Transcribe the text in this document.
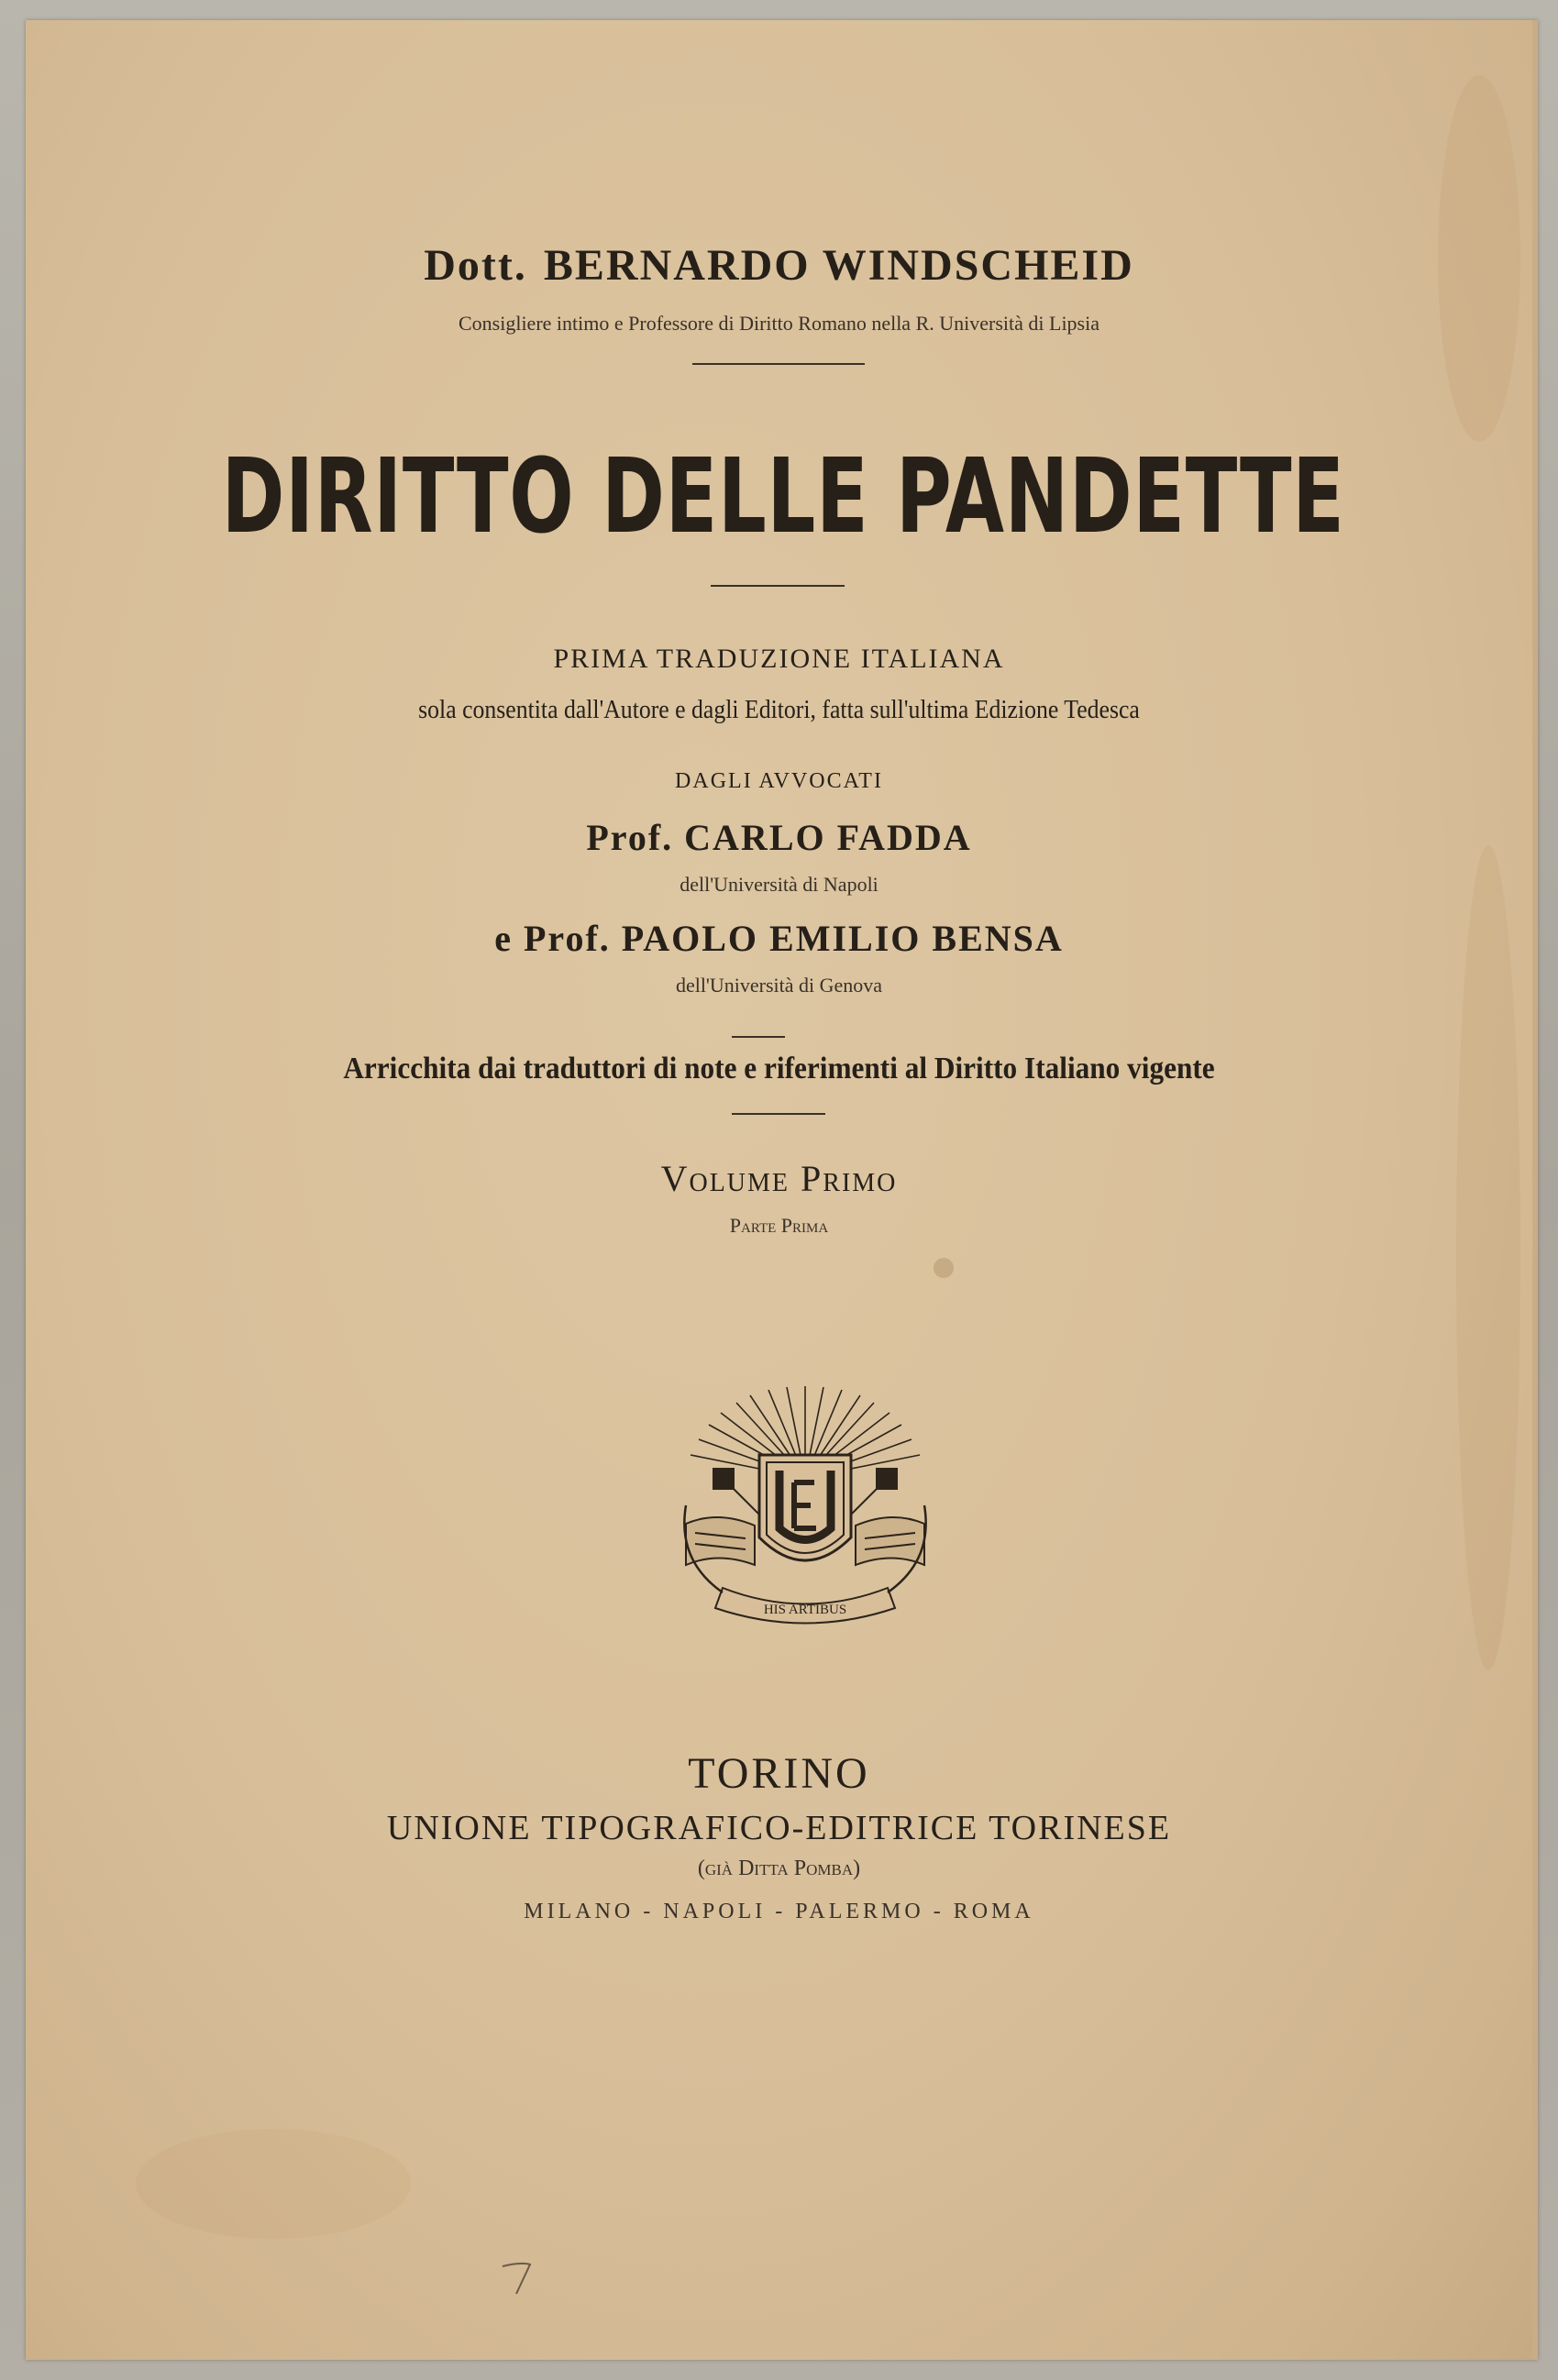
Dott. BERNARDO WINDSCHEID
Consigliere intimo e Professore di Diritto Romano nella R. Università di Lipsia
DIRITTO DELLE PANDETTE
PRIMA TRADUZIONE ITALIANA
sola consentita dall'Autore e dagli Editori, fatta sull'ultima Edizione Tedesca
DAGLI AVVOCATI
Prof. CARLO FADDA
dell'Università di Napoli
e Prof. PAOLO EMILIO BENSA
dell'Università di Genova
Arricchita dai traduttori di note e riferimenti al Diritto Italiano vigente
Volume Primo
Parte Prima
HIS ARTIBUS
TORINO
UNIONE TIPOGRAFICO-EDITRICE TORINESE
(già Ditta Pomba)
MILANO - NAPOLI - PALERMO - ROMA
